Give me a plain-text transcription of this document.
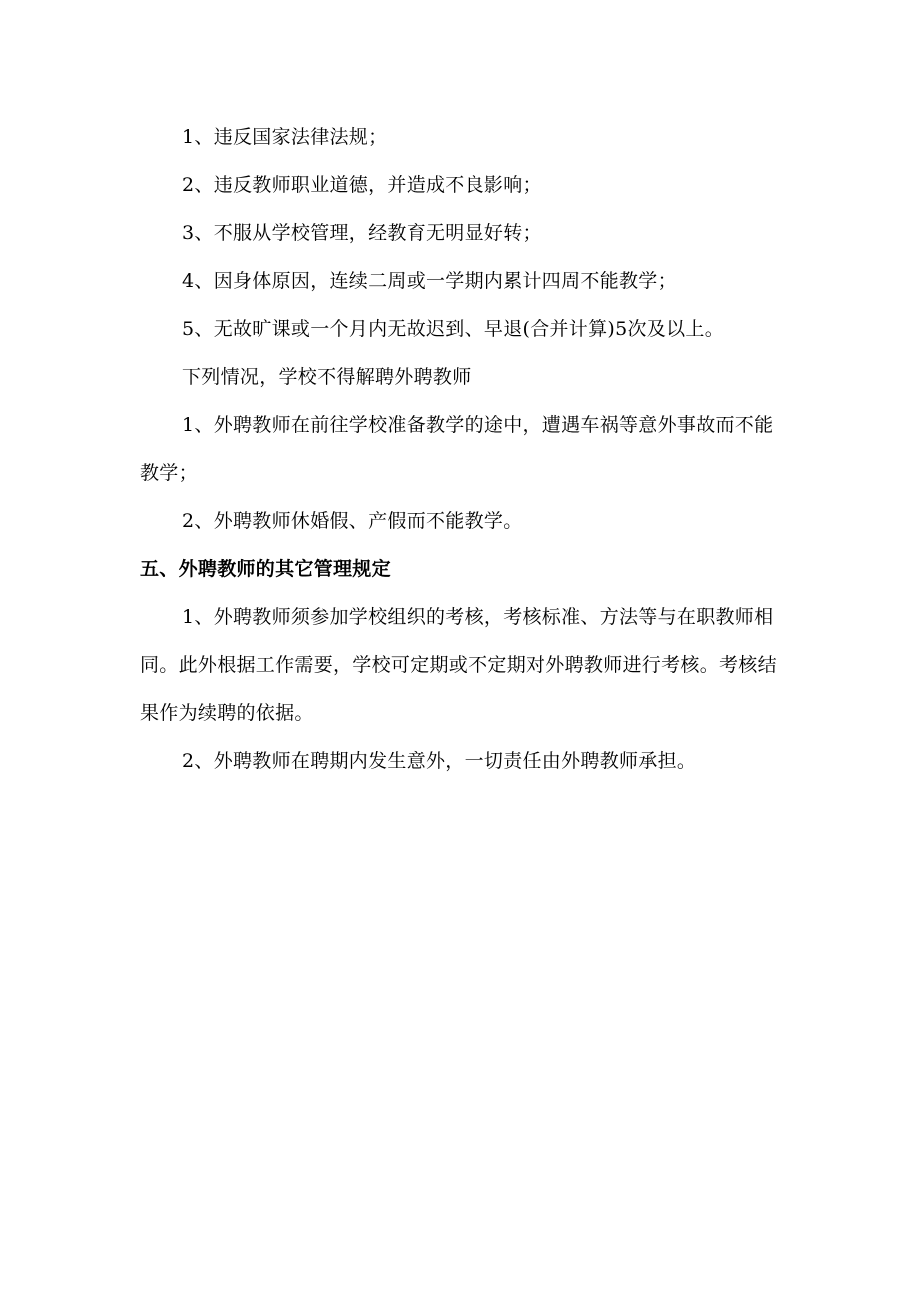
1、违反国家法律法规；

2、违反教师职业道德，并造成不良影响；

3、不服从学校管理，经教育无明显好转；

4、因身体原因，连续二周或一学期内累计四周不能教学；

5、无故旷课或一个月内无故迟到、早退(合并计算)5次及以上。

下列情况，学校不得解聘外聘教师

1、外聘教师在前往学校准备教学的途中，遭遇车祸等意外事故而不能教学；

2、外聘教师休婚假、产假而不能教学。

五、外聘教师的其它管理规定

1、外聘教师须参加学校组织的考核，考核标准、方法等与在职教师相同。此外根据工作需要，学校可定期或不定期对外聘教师进行考核。考核结果作为续聘的依据。

2、外聘教师在聘期内发生意外，一切责任由外聘教师承担。
